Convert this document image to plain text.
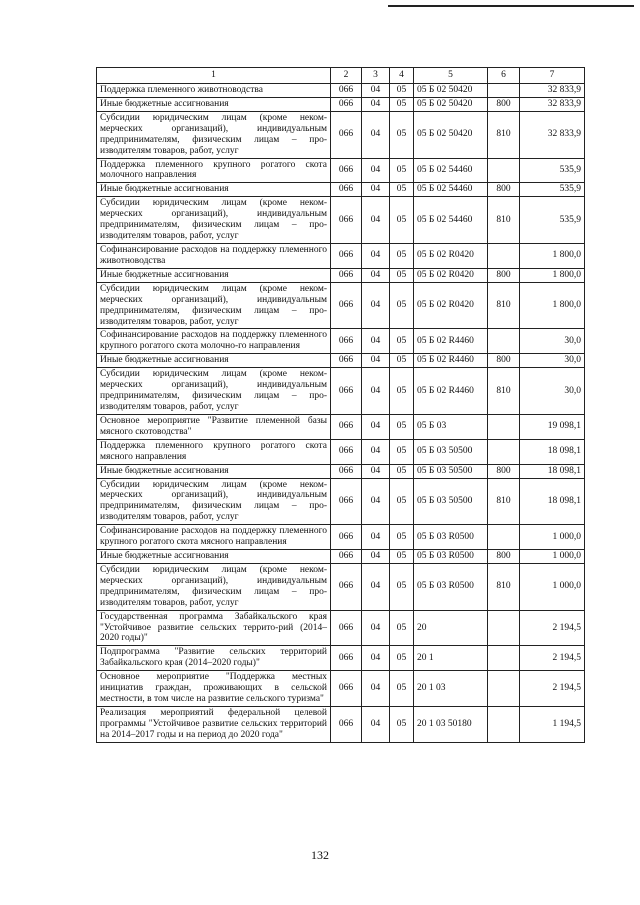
1	2	3	4	5	6	7
Поддержка племенного животноводства	066	04	05	05 Б 02 50420		32 833,9
Иные бюджетные ассигнования	066	04	05	05 Б 02 50420	800	32 833,9
Субсидии юридическим лицам (кроме неком-мерческих организаций), индивидуальным предпринимателям, физическим лицам – про-изводителям товаров, работ, услуг	066	04	05	05 Б 02 50420	810	32 833,9
Поддержка племенного крупного рогатого скота молочного направления	066	04	05	05 Б 02 54460		535,9
Иные бюджетные ассигнования	066	04	05	05 Б 02 54460	800	535,9
Субсидии юридическим лицам (кроме неком-мерческих организаций), индивидуальным предпринимателям, физическим лицам – про-изводителям товаров, работ, услуг	066	04	05	05 Б 02 54460	810	535,9
Софинансирование расходов на поддержку племенного животноводства	066	04	05	05 Б 02 R0420		1 800,0
Иные бюджетные ассигнования	066	04	05	05 Б 02 R0420	800	1 800,0
Субсидии юридическим лицам (кроме неком-мерческих организаций), индивидуальным предпринимателям, физическим лицам – про-изводителям товаров, работ, услуг	066	04	05	05 Б 02 R0420	810	1 800,0
Софинансирование расходов на поддержку племенного крупного рогатого скота молочно-го направления	066	04	05	05 Б 02 R4460		30,0
Иные бюджетные ассигнования	066	04	05	05 Б 02 R4460	800	30,0
Субсидии юридическим лицам (кроме неком-мерческих организаций), индивидуальным предпринимателям, физическим лицам – про-изводителям товаров, работ, услуг	066	04	05	05 Б 02 R4460	810	30,0
Основное мероприятие "Развитие племенной базы мясного скотоводства"	066	04	05	05 Б 03		19 098,1
Поддержка племенного крупного рогатого скота мясного направления	066	04	05	05 Б 03 50500		18 098,1
Иные бюджетные ассигнования	066	04	05	05 Б 03 50500	800	18 098,1
Субсидии юридическим лицам (кроме неком-мерческих организаций), индивидуальным предпринимателям, физическим лицам – про-изводителям товаров, работ, услуг	066	04	05	05 Б 03 50500	810	18 098,1
Софинансирование расходов на поддержку племенного крупного рогатого скота мясного направления	066	04	05	05 Б 03 R0500		1 000,0
Иные бюджетные ассигнования	066	04	05	05 Б 03 R0500	800	1 000,0
Субсидии юридическим лицам (кроме неком-мерческих организаций), индивидуальным предпринимателям, физическим лицам – про-изводителям товаров, работ, услуг	066	04	05	05 Б 03 R0500	810	1 000,0
Государственная программа Забайкальского края "Устойчивое развитие сельских террито-рий (2014–2020 годы)"	066	04	05	20		2 194,5
Подпрограмма "Развитие сельских территорий Забайкальского края (2014–2020 годы)"	066	04	05	20 1		2 194,5
Основное мероприятие "Поддержка местных инициатив граждан, проживающих в сельской местности, в том числе на развитие сельского туризма"	066	04	05	20 1 03		2 194,5
Реализация мероприятий федеральной целевой программы "Устойчивое развитие сельских территорий на 2014–2017 годы и на период до 2020 года"	066	04	05	20 1 03 50180		1 194,5
132
